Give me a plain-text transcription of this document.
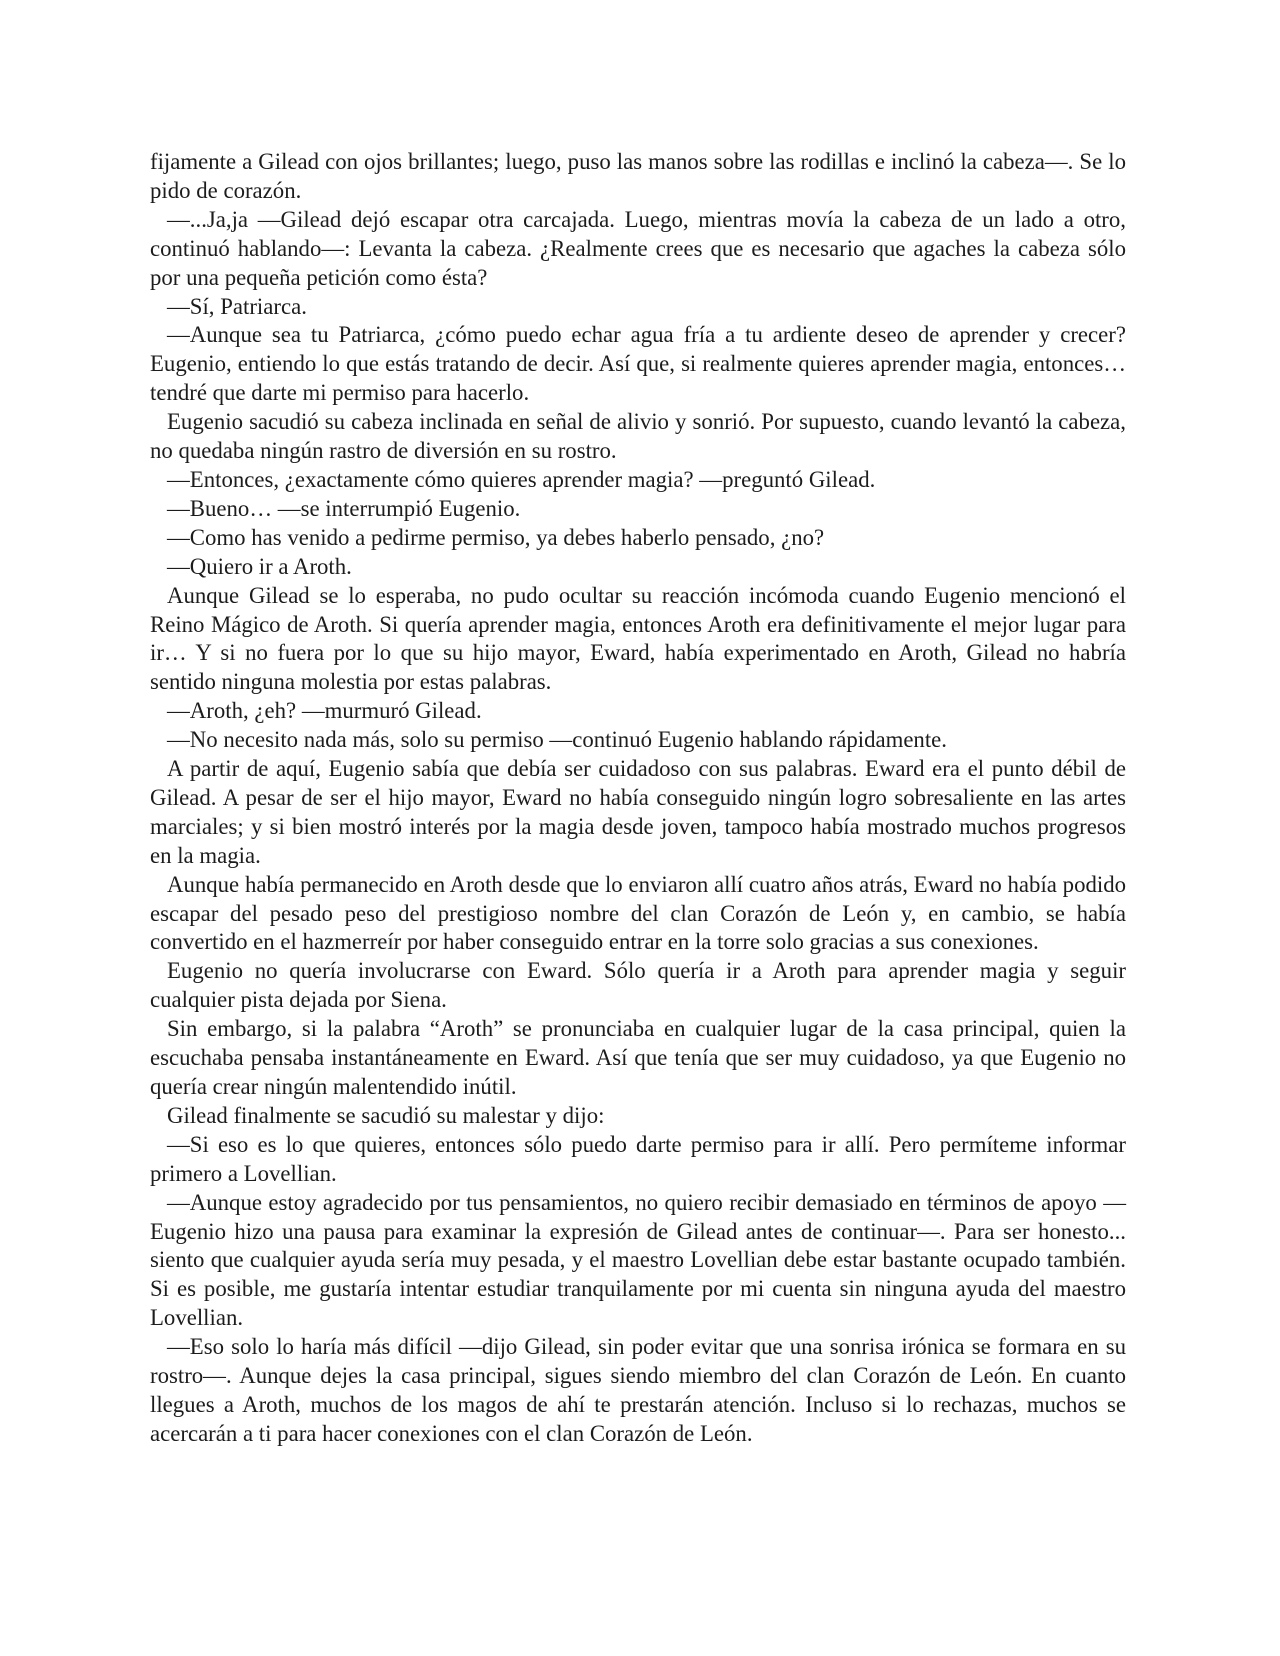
fijamente a Gilead con ojos brillantes; luego, puso las manos sobre las rodillas e inclinó la cabeza—. Se lo pido de corazón.

—...Ja,ja —Gilead dejó escapar otra carcajada. Luego, mientras movía la cabeza de un lado a otro, continuó hablando—: Levanta la cabeza. ¿Realmente crees que es necesario que agaches la cabeza sólo por una pequeña petición como ésta?

—Sí, Patriarca.

—Aunque sea tu Patriarca, ¿cómo puedo echar agua fría a tu ardiente deseo de aprender y crecer? Eugenio, entiendo lo que estás tratando de decir. Así que, si realmente quieres aprender magia, entonces… tendré que darte mi permiso para hacerlo.

Eugenio sacudió su cabeza inclinada en señal de alivio y sonrió. Por supuesto, cuando levantó la cabeza, no quedaba ningún rastro de diversión en su rostro.

—Entonces, ¿exactamente cómo quieres aprender magia? —preguntó Gilead.

—Bueno… —se interrumpió Eugenio.

—Como has venido a pedirme permiso, ya debes haberlo pensado, ¿no?

—Quiero ir a Aroth.

Aunque Gilead se lo esperaba, no pudo ocultar su reacción incómoda cuando Eugenio mencionó el Reino Mágico de Aroth. Si quería aprender magia, entonces Aroth era definitivamente el mejor lugar para ir… Y si no fuera por lo que su hijo mayor, Eward, había experimentado en Aroth, Gilead no habría sentido ninguna molestia por estas palabras.

—Aroth, ¿eh? —murmuró Gilead.

—No necesito nada más, solo su permiso —continuó Eugenio hablando rápidamente.

A partir de aquí, Eugenio sabía que debía ser cuidadoso con sus palabras. Eward era el punto débil de Gilead. A pesar de ser el hijo mayor, Eward no había conseguido ningún logro sobresaliente en las artes marciales; y si bien mostró interés por la magia desde joven, tampoco había mostrado muchos progresos en la magia.

Aunque había permanecido en Aroth desde que lo enviaron allí cuatro años atrás, Eward no había podido escapar del pesado peso del prestigioso nombre del clan Corazón de León y, en cambio, se había convertido en el hazmerreír por haber conseguido entrar en la torre solo gracias a sus conexiones.

Eugenio no quería involucrarse con Eward. Sólo quería ir a Aroth para aprender magia y seguir cualquier pista dejada por Siena.

Sin embargo, si la palabra “Aroth” se pronunciaba en cualquier lugar de la casa principal, quien la escuchaba pensaba instantáneamente en Eward. Así que tenía que ser muy cuidadoso, ya que Eugenio no quería crear ningún malentendido inútil.

Gilead finalmente se sacudió su malestar y dijo:

—Si eso es lo que quieres, entonces sólo puedo darte permiso para ir allí. Pero permíteme informar primero a Lovellian.

—Aunque estoy agradecido por tus pensamientos, no quiero recibir demasiado en términos de apoyo —Eugenio hizo una pausa para examinar la expresión de Gilead antes de continuar—. Para ser honesto... siento que cualquier ayuda sería muy pesada, y el maestro Lovellian debe estar bastante ocupado también. Si es posible, me gustaría intentar estudiar tranquilamente por mi cuenta sin ninguna ayuda del maestro Lovellian.

—Eso solo lo haría más difícil —dijo Gilead, sin poder evitar que una sonrisa irónica se formara en su rostro—. Aunque dejes la casa principal, sigues siendo miembro del clan Corazón de León. En cuanto llegues a Aroth, muchos de los magos de ahí te prestarán atención. Incluso si lo rechazas, muchos se acercarán a ti para hacer conexiones con el clan Corazón de León.
